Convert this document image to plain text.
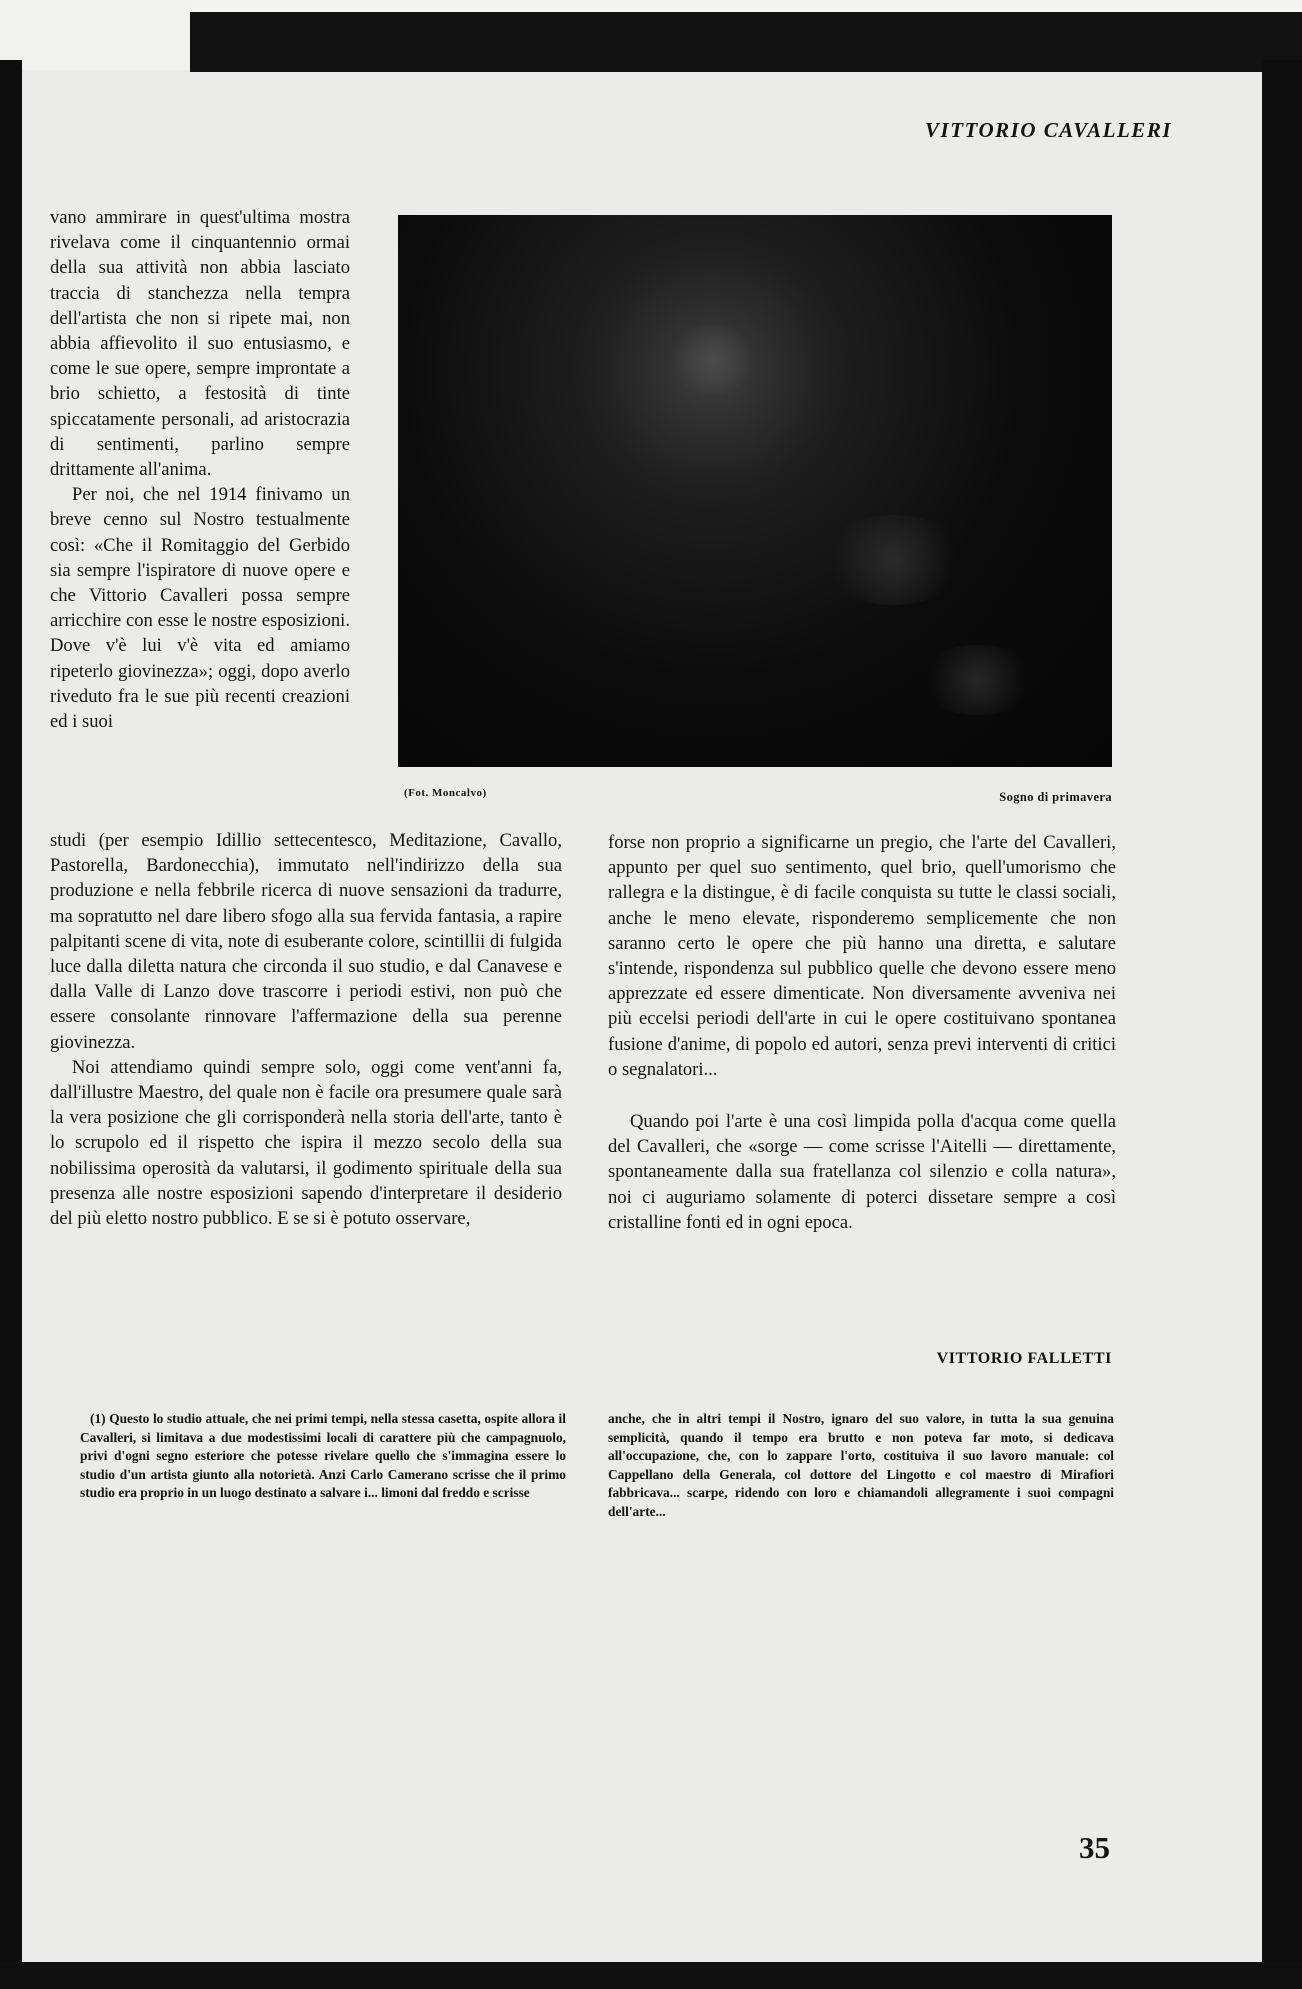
VITTORIO CAVALLERI
(Fot. Moncalvo)	Sogno di primavera

vano ammirare in quest'ultima mostra rivelava come il cinquantennio ormai della sua attività non abbia lasciato traccia di stanchezza nella tempra dell'artista che non si ripete mai, non abbia affievolito il suo entusiasmo, e come le sue opere, sempre improntate a brio schietto, a festosità di tinte spiccatamente personali, ad aristocrazia di sentimenti, parlino sempre drittamente all'anima.

Per noi, che nel 1914 finivamo un breve cenno sul Nostro testualmente così: «Che il Romitaggio del Gerbido sia sempre l'ispiratore di nuove opere e che Vittorio Cavalleri possa sempre arricchire con esse le nostre esposizioni. Dove v'è lui v'è vita ed amiamo ripeterlo giovinezza»; oggi, dopo averlo riveduto fra le sue più recenti creazioni ed i suoi

studi (per esempio Idillio settecentesco, Meditazione, Cavallo, Pastorella, Bardonecchia), immutato nell'indirizzo della sua produzione e nella febbrile ricerca di nuove sensazioni da tradurre, ma sopratutto nel dare libero sfogo alla sua fervida fantasia, a rapire palpitanti scene di vita, note di esuberante colore, scintillii di fulgida luce dalla diletta natura che circonda il suo studio, e dal Canavese e dalla Valle di Lanzo dove trascorre i periodi estivi, non può che essere consolante rinnovare l'affermazione della sua perenne giovinezza.

Noi attendiamo quindi sempre solo, oggi come vent'anni fa, dall'illustre Maestro, del quale non è facile ora presumere quale sarà la vera posizione che gli corrisponderà nella storia dell'arte, tanto è lo scrupolo ed il rispetto che ispira il mezzo secolo della sua nobilissima operosità da valutarsi, il godimento spirituale della sua presenza alle nostre esposizioni sapendo d'interpretare il desiderio del più eletto nostro pubblico. E se si è potuto osservare,

forse non proprio a significarne un pregio, che l'arte del Cavalleri, appunto per quel suo sentimento, quel brio, quell'umorismo che rallegra e la distingue, è di facile conquista su tutte le classi sociali, anche le meno elevate, risponderemo semplicemente che non saranno certo le opere che più hanno una diretta, e salutare s'intende, rispondenza sul pubblico quelle che devono essere meno apprezzate ed essere dimenticate. Non diversamente avveniva nei più eccelsi periodi dell'arte in cui le opere costituivano spontanea fusione d'anime, di popolo ed autori, senza previ interventi di critici o segnalatori...

Quando poi l'arte è una così limpida polla d'acqua come quella del Cavalleri, che «sorge — come scrisse l'Aitelli — direttamente, spontaneamente dalla sua fratellanza col silenzio e colla natura», noi ci auguriamo solamente di poterci dissetare sempre a così cristalline fonti ed in ogni epoca.

VITTORIO FALLETTI

(1) Questo lo studio attuale, che nei primi tempi, nella stessa casetta, ospite allora il Cavalleri, si limitava a due modestissimi locali di carattere più che campagnuolo, privi d'ogni segno esteriore che potesse rivelare quello che s'immagina essere lo studio d'un artista giunto alla notorietà. Anzi Carlo Camerano scrisse che il primo studio era proprio in un luogo destinato a salvare i... limoni dal freddo e scrisse

anche, che in altri tempi il Nostro, ignaro del suo valore, in tutta la sua genuina semplicità, quando il tempo era brutto e non poteva far moto, si dedicava all'occupazione, che, con lo zappare l'orto, costituiva il suo lavoro manuale: col Cappellano della Generala, col dottore del Lingotto e col maestro di Mirafiori fabbricava... scarpe, ridendo con loro e chiamandoli allegramente i suoi compagni dell'arte...

35
